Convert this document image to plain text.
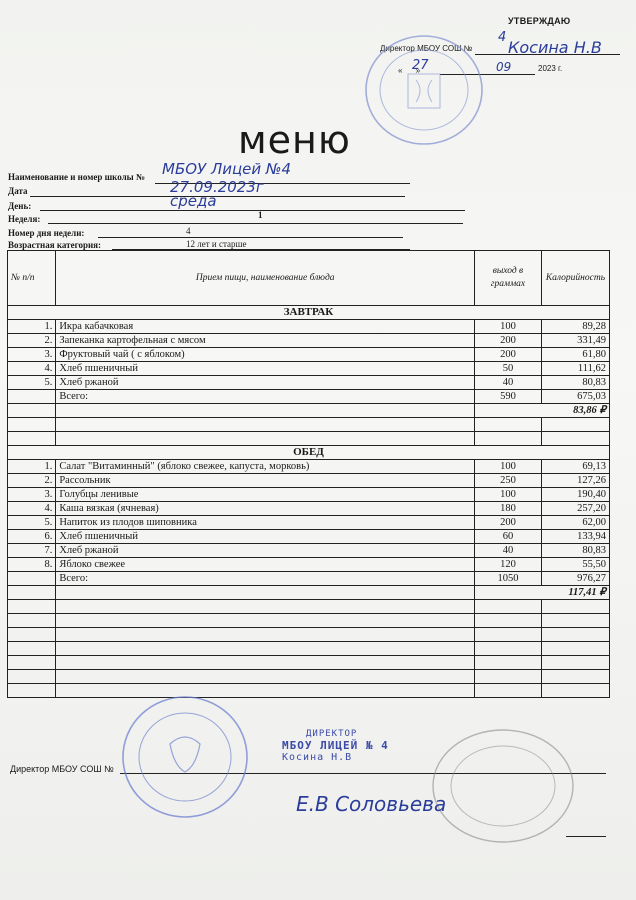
УТВЕРЖДАЮ
Директор МБОУ СОШ №
4
Косина Н.В
«      »
27	09	2023 г.
меню
Наименование и номер школы № МБОУ Лицей №4
Дата	27.09.2023г
День:	среда
Неделя:	1
Номер дня недели:	4
Возрастная категория:	12 лет и старше
№ п/п	Прием пищи, наименование блюда	выход в граммах	Калорийность
ЗАВТРАК			
1.	Икра кабачковая	100	89,28
2.	Запеканка картофельная с мясом	200	331,49
3.	Фруктовый чай ( с яблоком)	200	61,80
4.	Хлеб пшеничный	50	111,62
5.	Хлеб ржаной	40	80,83
	Всего:	590	675,03
		83,86 ₽	

ОБЕД			
1.	Салат "Витаминный" (яблоко свежее, капуста, морковь)	100	69,13
2.	Рассольник	250	127,26
3.	Голубцы ленивые	100	190,40
4.	Каша вязкая (ячневая)	180	257,20
5.	Напиток из плодов шиповника	200	62,00
6.	Хлеб пшеничный	60	133,94
7.	Хлеб ржаной	40	80,83
8.	Яблоко свежее	120	55,50
	Всего:	1050	976,27
		117,41 ₽	

Директор МБОУ СОШ №
ДИРЕКТОР
МБОУ ЛИЦЕЙ № 4
Косина Н.В
Е.В Соловьева
